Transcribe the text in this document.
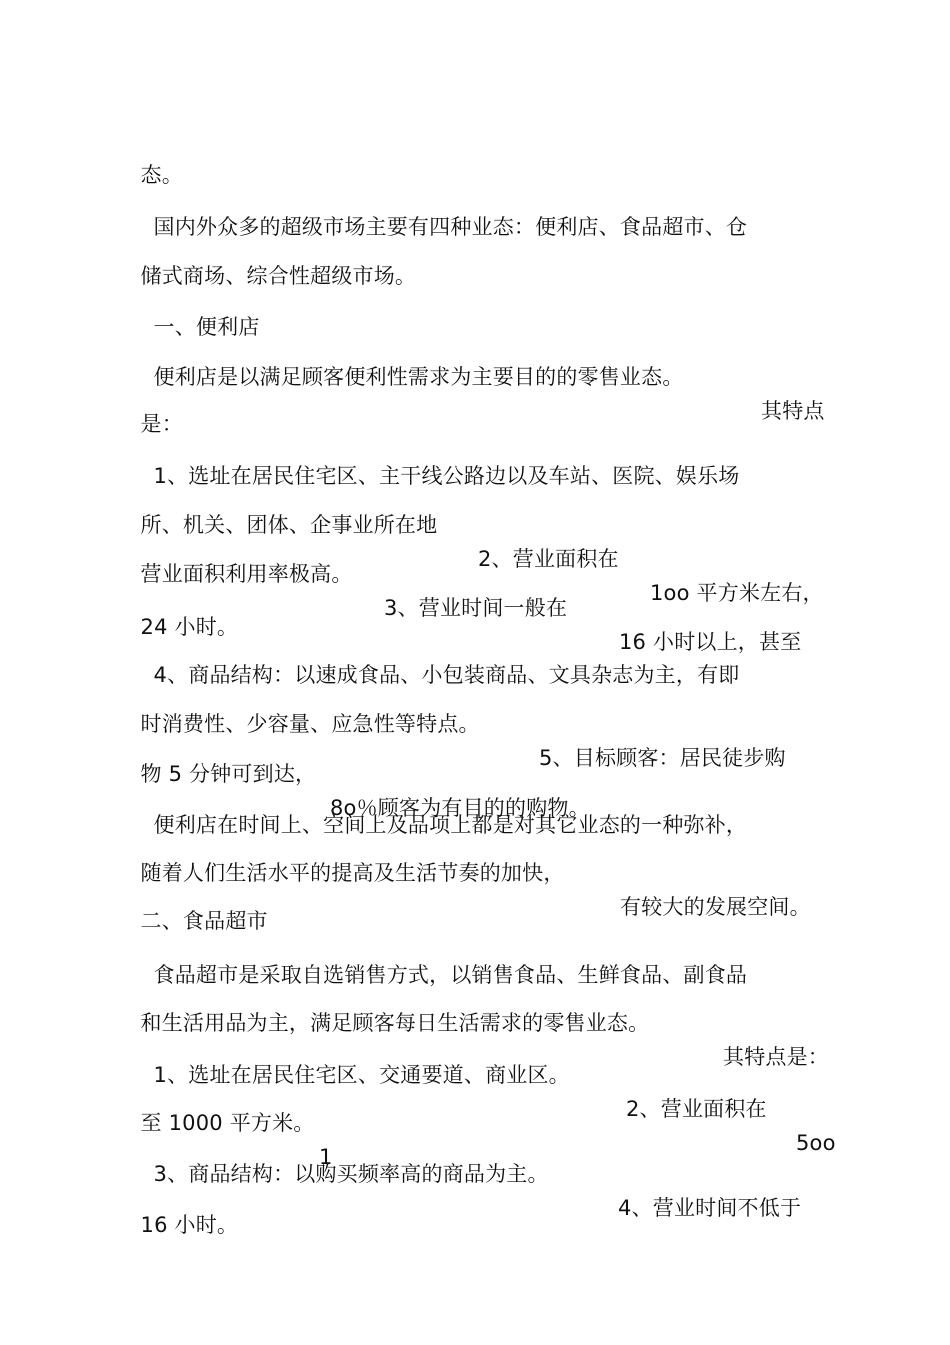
态。

国内外众多的超级市场主要有四种业态：便利店、食品超市、仓

储式商场、综合性超级市场。

一、便利店

便利店是以满足顾客便利性需求为主要目的的零售业态。

其特点

是：

1、选址在居民住宅区、主干线公路边以及车站、医院、娱乐场

所、机关、团体、企事业所在地

2、营业面积在

1oo 平方米左右，

营业面积利用率极高。

3、营业时间一般在

16 小时以上，甚至

24 小时。

4、商品结构：以速成食品、小包装商品、文具杂志为主，有即

时消费性、少容量、应急性等特点。

5、目标顾客：居民徒步购

物 5 分钟可到达，

8o％顾客为有目的的购物。

便利店在时间上、空间上及品项上都是对其它业态的一种弥补，

随着人们生活水平的提高及生活节奏的加快，

有较大的发展空间。

二、食品超市

食品超市是采取自选销售方式，以销售食品、生鲜食品、副食品

和生活用品为主，满足顾客每日生活需求的零售业态。

其特点是：

1、选址在居民住宅区、交通要道、商业区。

2、营业面积在

5oo

至 1000 平方米。

1

3、商品结构：以购买频率高的商品为主。

4、营业时间不低于

16 小时。
